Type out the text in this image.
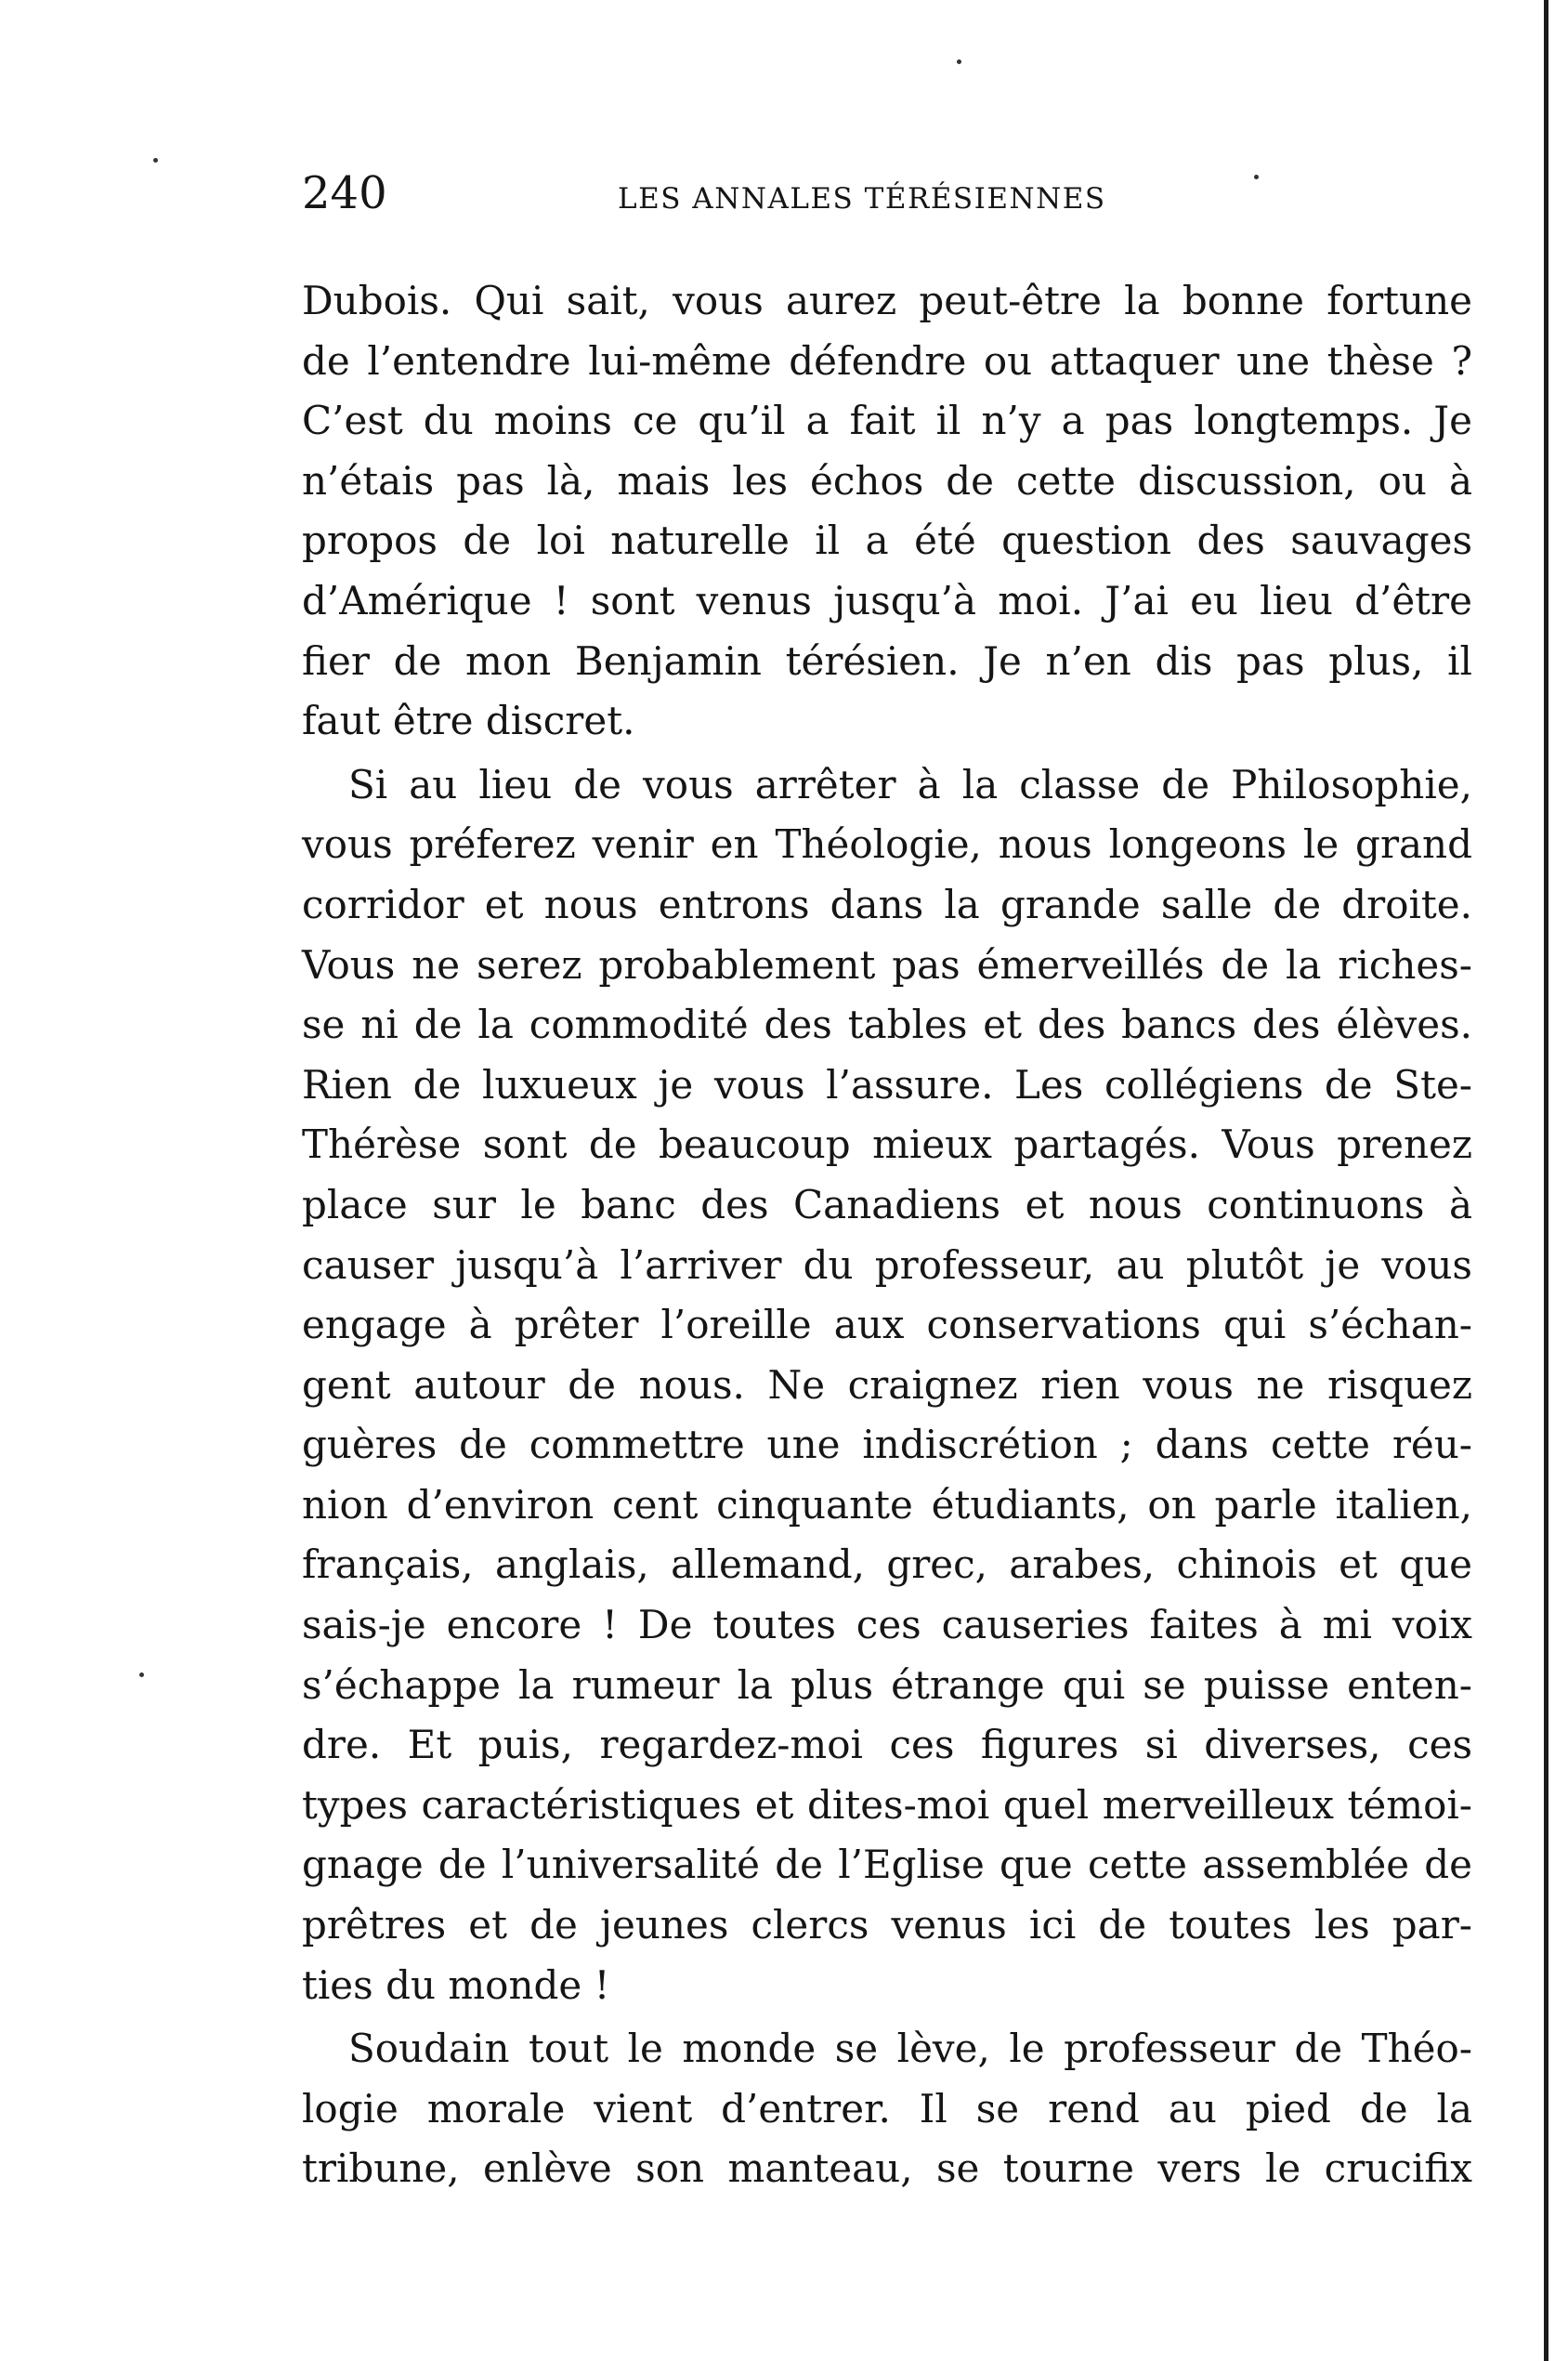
240	LES ANNALES TÉRÉSIENNES
Dubois. Qui sait, vous aurez peut-être la bonne fortune
de l’entendre lui-même défendre ou attaquer une thèse ?
C’est du moins ce qu’il a fait il n’y a pas longtemps. Je
n’étais pas là, mais les échos de cette discussion, ou à
propos de loi naturelle il a été question des sauvages
d’Amérique ! sont venus jusqu’à moi. J’ai eu lieu d’être
fier de mon Benjamin térésien. Je n’en dis pas plus, il
faut être discret.
Si au lieu de vous arrêter à la classe de Philosophie,
vous préferez venir en Théologie, nous longeons le grand
corridor et nous entrons dans la grande salle de droite.
Vous ne serez probablement pas émerveillés de la riches-
se ni de la commodité des tables et des bancs des élèves.
Rien de luxueux je vous l’assure. Les collégiens de Ste-
Thérèse sont de beaucoup mieux partagés. Vous prenez
place sur le banc des Canadiens et nous continuons à
causer jusqu’à l’arriver du professeur, au plutôt je vous
engage à prêter l’oreille aux conservations qui s’échan-
gent autour de nous. Ne craignez rien vous ne risquez
guères de commettre une indiscrétion ; dans cette réu-
nion d’environ cent cinquante étudiants, on parle italien,
français, anglais, allemand, grec, arabes, chinois et que
sais-je encore ! De toutes ces causeries faites à mi voix
s’échappe la rumeur la plus étrange qui se puisse enten-
dre. Et puis, regardez-moi ces figures si diverses, ces
types caractéristiques et dites-moi quel merveilleux témoi-
gnage de l’universalité de l’Eglise que cette assemblée de
prêtres et de jeunes clercs venus ici de toutes les par-
ties du monde !
Soudain tout le monde se lève, le professeur de Théo-
logie morale vient d’entrer. Il se rend au pied de la
tribune, enlève son manteau, se tourne vers le crucifix
